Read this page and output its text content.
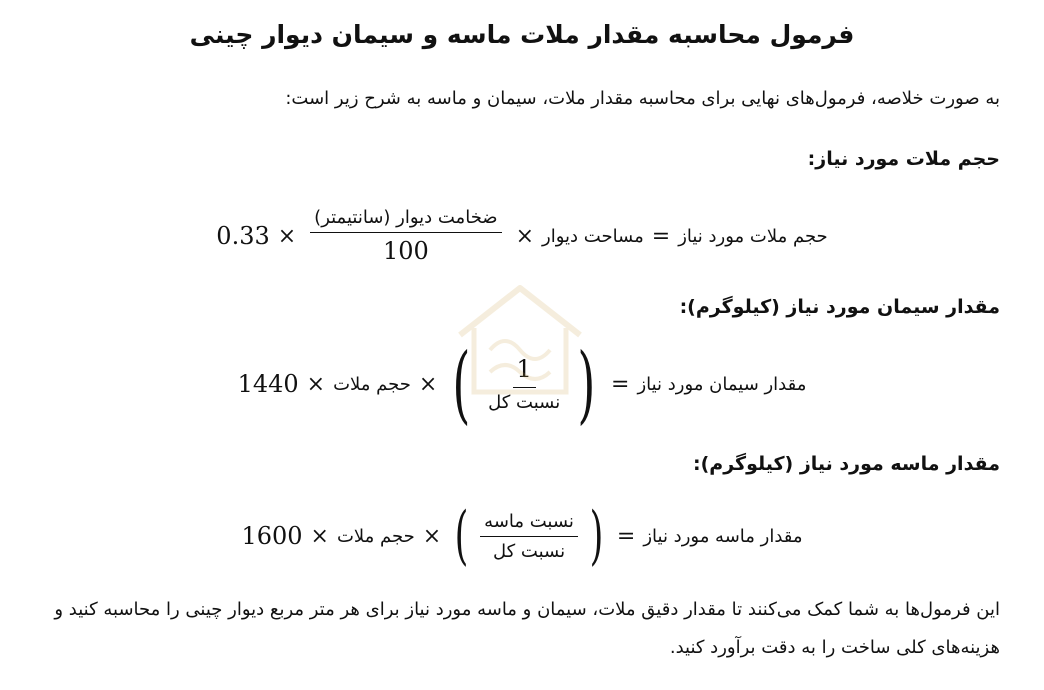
فرمول محاسبه مقدار ملات ماسه و سیمان دیوار چینی

به صورت خلاصه، فرمول‌های نهایی برای محاسبه مقدار ملات، سیمان و ماسه به شرح زیر است:

حجم ملات مورد نیاز:
$0.33 \times \frac{\text{ضخامت دیوار (سانتیمتر)}}{100}$ × مساحت دیوار = حجم ملات مورد نیاز
مقدار سیمان مورد نیاز (کیلوگرم):
1440 × حجم ملات × ( $\frac{1}{\text{نسبت کل}}$ ) = مقدار سیمان مورد نیاز
مقدار ماسه مورد نیاز (کیلوگرم):
1600 × حجم ملات × ( $\frac{\text{نسبت ماسه}}{\text{نسبت کل}}$ ) = مقدار ماسه مورد نیاز

این فرمول‌ها به شما کمک می‌کنند تا مقدار دقیق ملات، سیمان و ماسه مورد نیاز برای هر متر مربع دیوار چینی را محاسبه کنید و هزینه‌های کلی ساخت را به دقت برآورد کنید.
